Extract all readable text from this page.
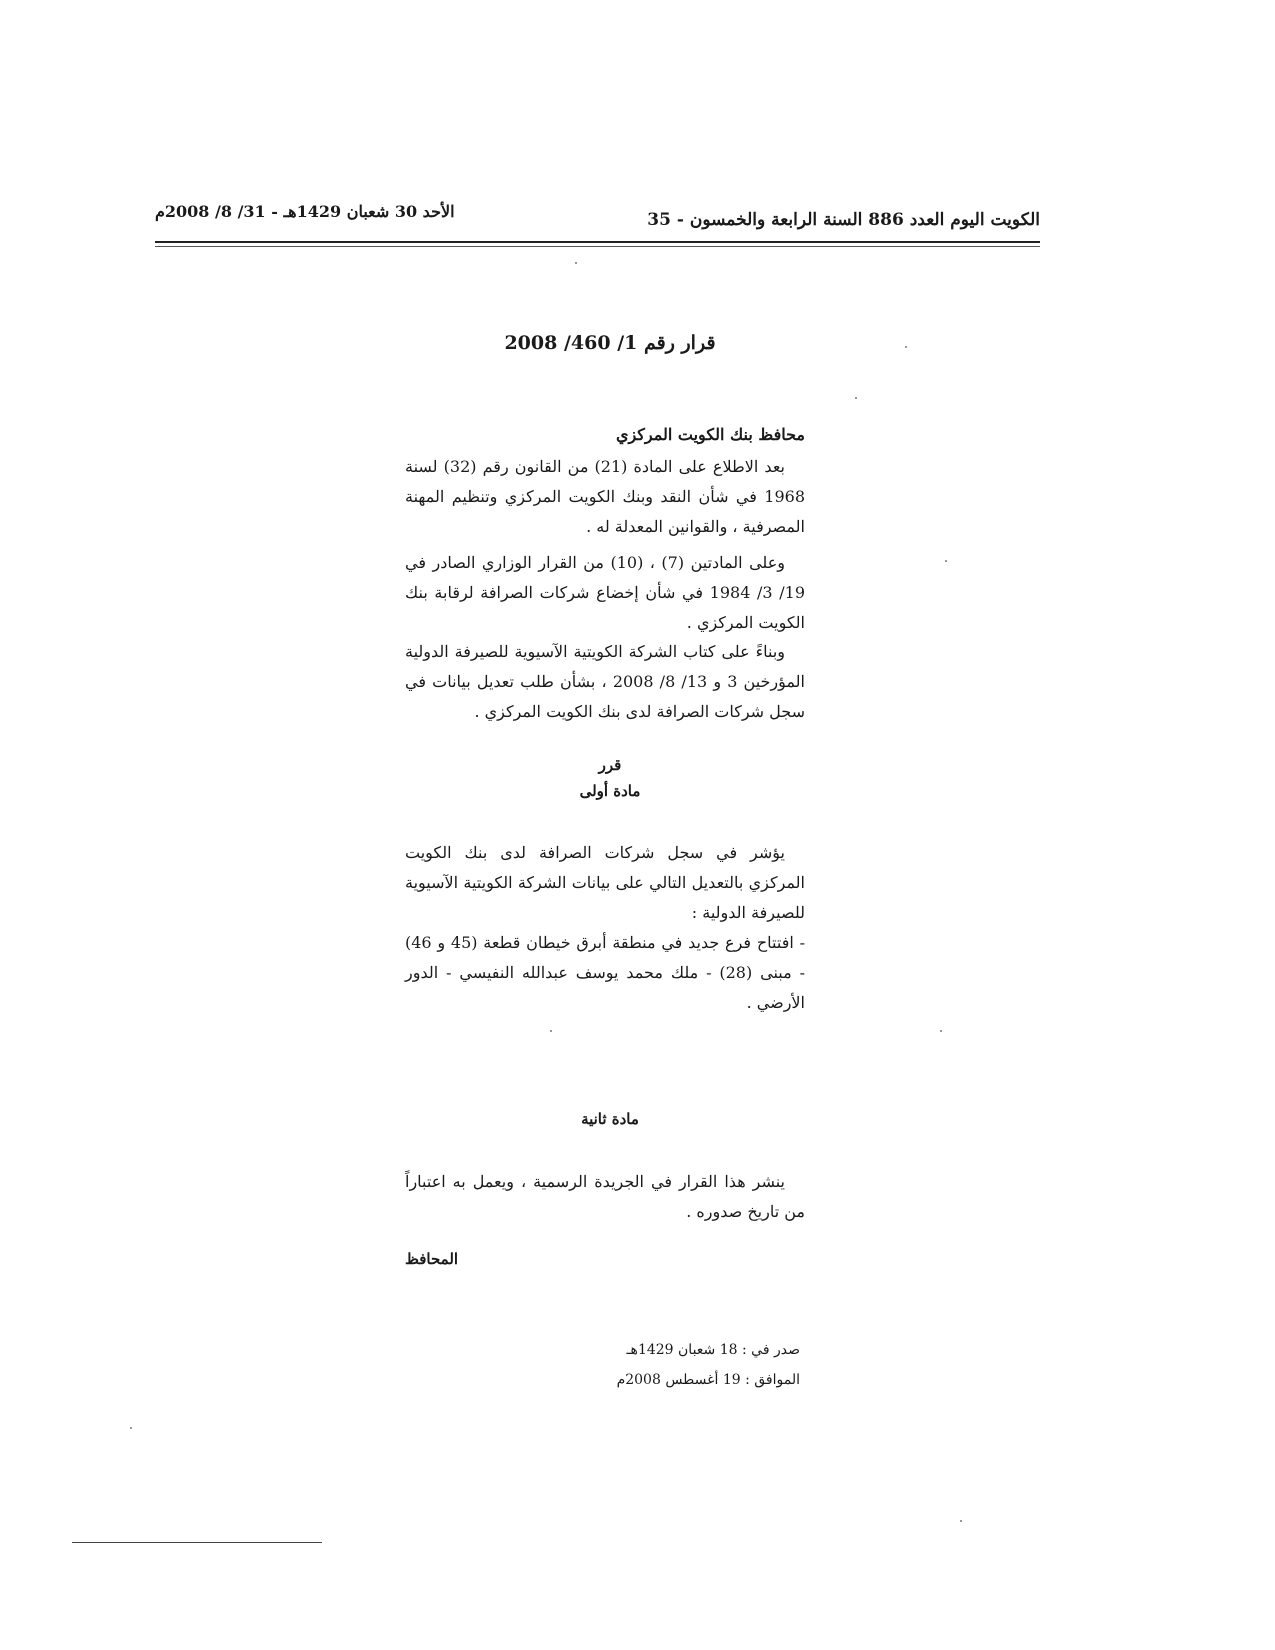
الكويت اليوم العدد 886 السنة الرابعة والخمسون - 35
الأحد 30 شعبان 1429هـ - 31/ 8/ 2008م
قرار رقم 1/ 460/ 2008
محافظ بنك الكويت المركزي

بعد الاطلاع على المادة (21) من القانون رقم (32) لسنة 1968 في شأن النقد وبنك الكويت المركزي وتنظيم المهنة المصرفية ، والقوانين المعدلة له .

وعلى المادتين (7) ، (10) من القرار الوزاري الصادر في 19/ 3/ 1984 في شأن إخضاع شركات الصرافة لرقابة بنك الكويت المركزي .

وبناءً على كتاب الشركة الكويتية الآسيوية للصيرفة الدولية المؤرخين 3 و 13/ 8/ 2008 ، بشأن طلب تعديل بيانات في سجل شركات الصرافة لدى بنك الكويت المركزي .

قرر
مادة أولى

يؤشر في سجل شركات الصرافة لدى بنك الكويت المركزي بالتعديل التالي على بيانات الشركة الكويتية الآسيوية للصيرفة الدولية :

- افتتاح فرع جديد في منطقة أبرق خيطان قطعة (45 و 46) - مبنى (28) - ملك محمد يوسف عبدالله النفيسي - الدور الأرضي .

مادة ثانية

ينشر هذا القرار في الجريدة الرسمية ، ويعمل به اعتباراً من تاريخ صدوره .

المحافظ
صدر في : 18 شعبان 1429هـ
الموافق : 19 أغسطس 2008م
